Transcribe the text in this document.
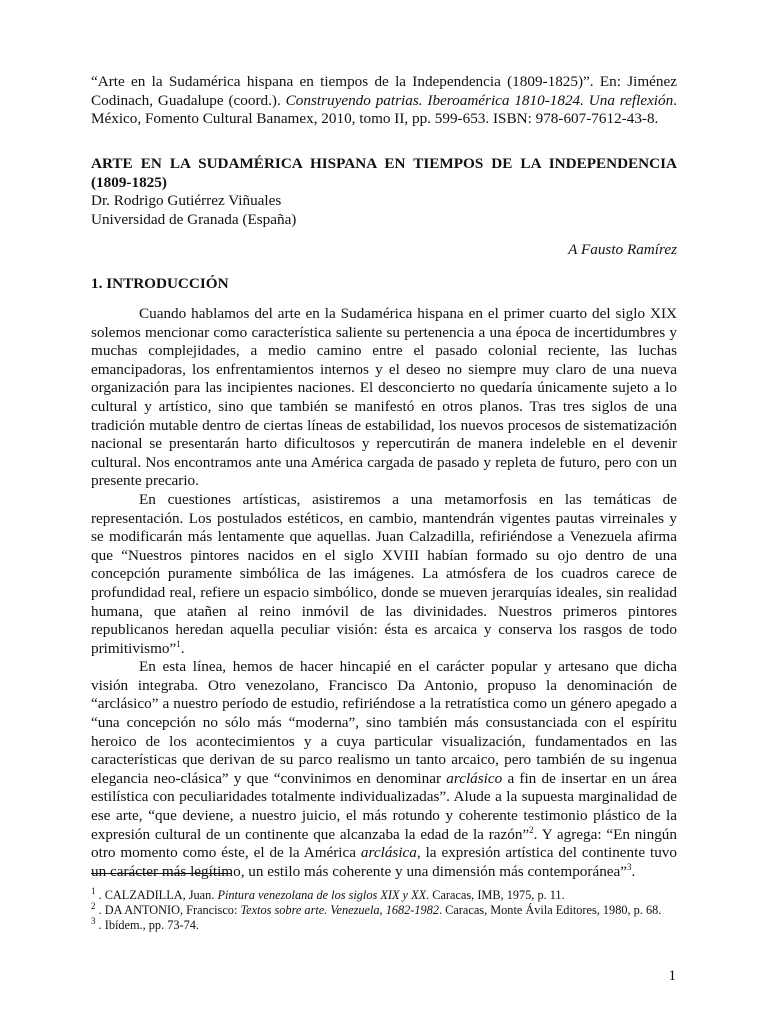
“Arte en la Sudamérica hispana en tiempos de la Independencia (1809-1825)”. En: Jiménez Codinach, Guadalupe (coord.). Construyendo patrias. Iberoamérica 1810-1824. Una reflexión. México, Fomento Cultural Banamex, 2010, tomo II, pp. 599-653. ISBN: 978-607-7612-43-8.
ARTE EN LA SUDAMÉRICA HISPANA EN TIEMPOS DE LA INDEPENDENCIA (1809-1825)
Dr. Rodrigo Gutiérrez Viñuales
Universidad de Granada (España)
A Fausto Ramírez
1. INTRODUCCIÓN

Cuando hablamos del arte en la Sudamérica hispana en el primer cuarto del siglo XIX solemos mencionar como característica saliente su pertenencia a una época de incertidumbres y muchas complejidades, a medio camino entre el pasado colonial reciente, las luchas emancipadoras, los enfrentamientos internos y el deseo no siempre muy claro de una nueva organización para las incipientes naciones. El desconcierto no quedaría únicamente sujeto a lo cultural y artístico, sino que también se manifestó en otros planos. Tras tres siglos de una tradición mutable dentro de ciertas líneas de estabilidad, los nuevos procesos de sistematización nacional se presentarán harto dificultosos y repercutirán de manera indeleble en el devenir cultural. Nos encontramos ante una América cargada de pasado y repleta de futuro, pero con un presente precario.

En cuestiones artísticas, asistiremos a una metamorfosis en las temáticas de representación. Los postulados estéticos, en cambio, mantendrán vigentes pautas virreinales y se modificarán más lentamente que aquellas. Juan Calzadilla, refiriéndose a Venezuela afirma que “Nuestros pintores nacidos en el siglo XVIII habían formado su ojo dentro de una concepción puramente simbólica de las imágenes. La atmósfera de los cuadros carece de profundidad real, refiere un espacio simbólico, donde se mueven jerarquías ideales, sin realidad humana, que atañen al reino inmóvil de las divinidades. Nuestros primeros pintores republicanos heredan aquella peculiar visión: ésta es arcaica y conserva los rasgos de todo primitivismo”$^1$.

En esta línea, hemos de hacer hincapié en el carácter popular y artesano que dicha visión integraba. Otro venezolano, Francisco Da Antonio, propuso la denominación de “arclásico” a nuestro período de estudio, refiriéndose a la retratística como un género apegado a “una concepción no sólo más “moderna”, sino también más consustanciada con el espíritu heroico de los acontecimientos y a cuya particular visualización, fundamentados en las características que derivan de su parco realismo un tanto arcaico, pero también de su ingenua elegancia neo-clásica” y que “convinimos en denominar arclásico a fin de insertar en un área estilística con peculiaridades totalmente individualizadas”. Alude a la supuesta marginalidad de ese arte, “que deviene, a nuestro juicio, el más rotundo y coherente testimonio plástico de la expresión cultural de un continente que alcanzaba la edad de la razón”$^2$. Y agrega: “En ningún otro momento como éste, el de la América arclásica, la expresión artística del continente tuvo un carácter más legítimo, un estilo más coherente y una dimensión más contemporánea”$^3$.

$^1$ . CALZADILLA, Juan. Pintura venezolana de los siglos XIX y XX. Caracas, IMB, 1975, p. 11.
$^2$ . DA ANTONIO, Francisco: Textos sobre arte. Venezuela, 1682-1982. Caracas, Monte Ávila Editores, 1980, p. 68.
$^3$ . Ibídem., pp. 73-74.
1
